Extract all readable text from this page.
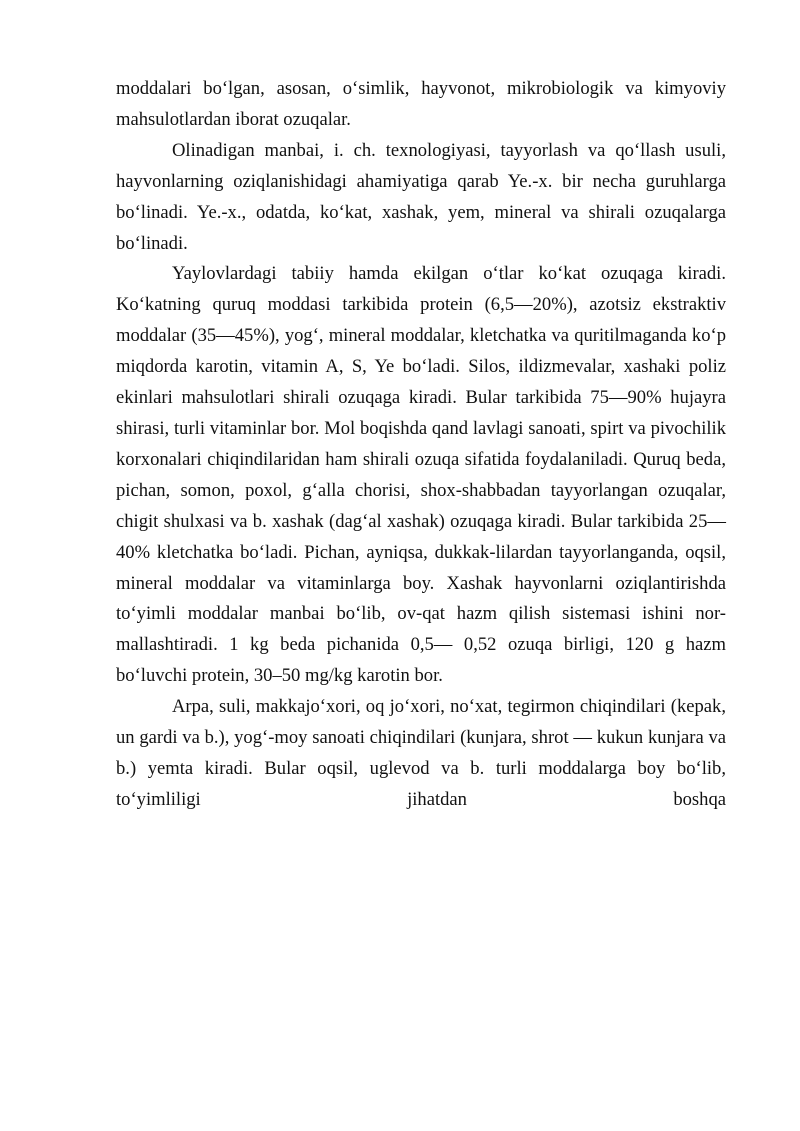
moddalari bo‘lgan, asosan, o‘simlik, hayvonot, mikrobiologik va kimyoviy mahsulotlardan iborat ozuqalar.

Olinadigan manbai, i. ch. texnologiyasi, tayyorlash va qo‘llash usuli, hayvonlarning oziqlanishidagi ahamiyatiga qarab Ye.-x. bir necha guruhlarga bo‘linadi. Ye.-x., odatda, ko‘kat, xashak, yem, mineral va shirali ozuqalarga bo‘linadi.

Yaylovlardagi tabiiy hamda ekilgan o‘tlar ko‘kat ozuqaga kiradi. Ko‘katning quruq moddasi tarkibida protein (6,5—20%), azotsiz ekstraktiv moddalar (35—45%), yog‘, mineral moddalar, kletchatka va quritilmaganda ko‘p miqdorda karotin, vitamin A, S, Ye bo‘ladi. Silos, ildizmevalar, xashaki poliz ekinlari mahsulotlari shirali ozuqaga kiradi. Bular tarkibida 75—90% hujayra shirasi, turli vitaminlar bor. Mol boqishda qand lavlagi sanoati, spirt va pivochilik korxonalari chiqindilaridan ham shirali ozuqa sifatida foydalaniladi. Quruq beda, pichan, somon, poxol, g‘alla chorisi, shox-shabbadan tayyorlangan ozuqalar, chigit shulxasi va b. xashak (dag‘al xashak) ozuqaga kiradi. Bular tarkibida 25—40% kletchatka bo‘ladi. Pichan, ayniqsa, dukkak-lilardan tayyorlanganda, oqsil, mineral moddalar va vitaminlarga boy. Xashak hayvonlarni oziqlantirishda to‘yimli moddalar manbai bo‘lib, ov-qat hazm qilish sistemasi ishini nor-mallashtiradi. 1 kg beda pichanida 0,5— 0,52 ozuqa birligi, 120 g hazm bo‘luvchi protein, 30–50 mg/kg karotin bor.

Arpa, suli, makkajo‘xori, oq jo‘xori, no‘xat, tegirmon chiqindilari (kepak, un gardi va b.), yog‘-moy sanoati chiqindilari (kunjara, shrot — kukun kunjara va b.) yemta kiradi. Bular oqsil, uglevod va b. turli moddalarga boy bo‘lib, to‘yimliligi jihatdan boshqa
